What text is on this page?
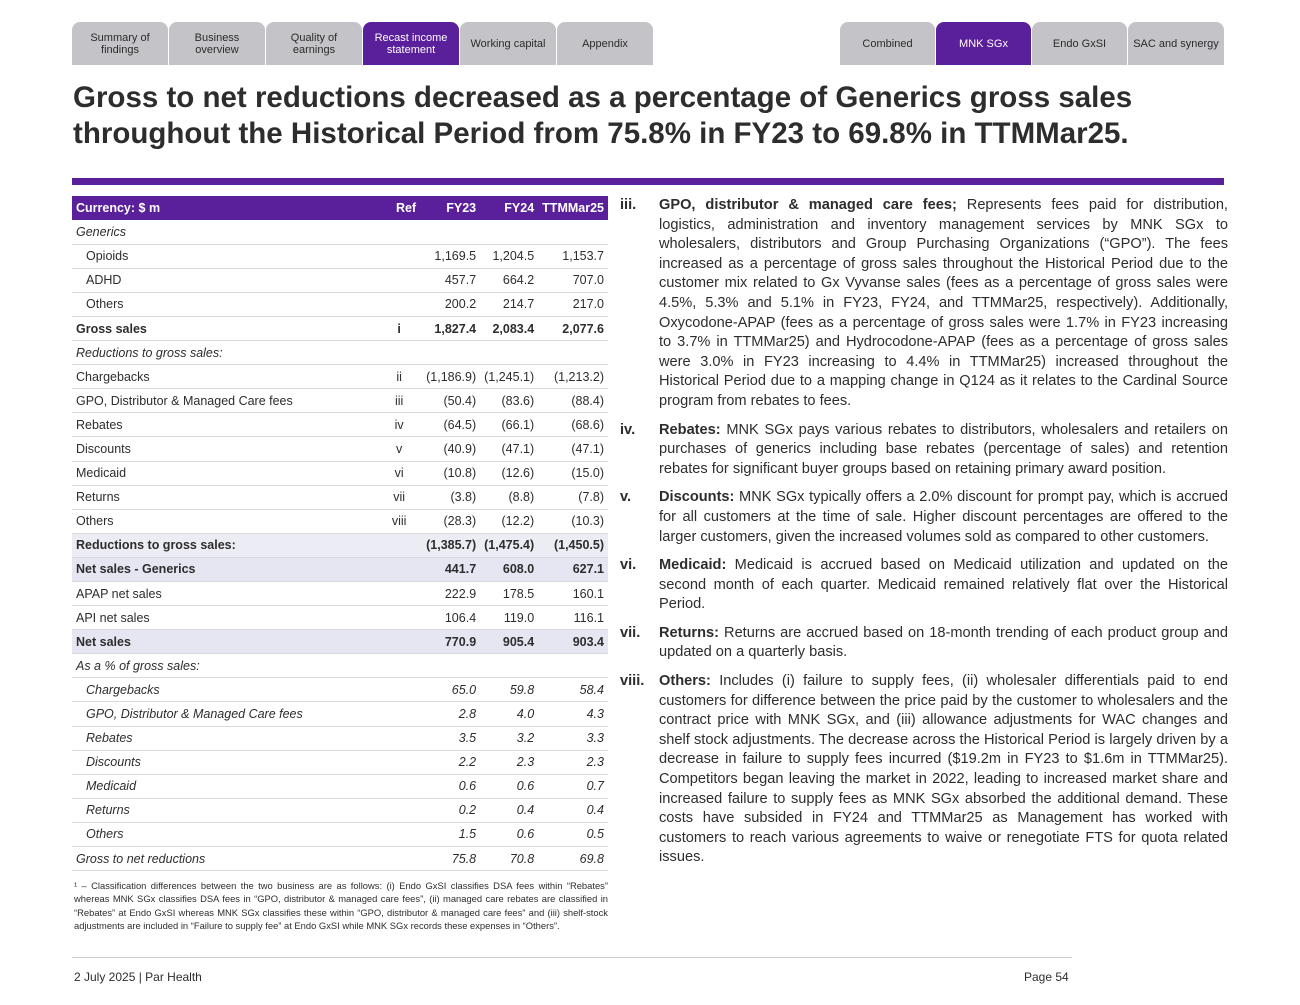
Summary of findings
Business overview
Quality of earnings
Recast income statement	Working capital	Appendix	Combined	MNK SGx	Endo GxSI	SAC and synergy
Gross to net reductions decreased as a percentage of Generics gross sales throughout the Historical Period from 75.8% in FY23 to 69.8% in TTMMar25.
Currency: $ m	Ref	FY23	FY24	TTMMar25
Generics				
Opioids		1,169.5	1,204.5	1,153.7
ADHD		457.7	664.2	707.0
Others		200.2	214.7	217.0
Gross sales	i	1,827.4	2,083.4	2,077.6
Reductions to gross sales:				
Chargebacks	ii	(1,186.9)	(1,245.1)	(1,213.2)
GPO, Distributor & Managed Care fees	iii	(50.4)	(83.6)	(88.4)
Rebates	iv	(64.5)	(66.1)	(68.6)
Discounts	v	(40.9)	(47.1)	(47.1)
Medicaid	vi	(10.8)	(12.6)	(15.0)
Returns	vii	(3.8)	(8.8)	(7.8)
Others	viii	(28.3)	(12.2)	(10.3)
Reductions to gross sales:		(1,385.7)	(1,475.4)	(1,450.5)
Net sales - Generics		441.7	608.0	627.1
APAP net sales		222.9	178.5	160.1
API net sales		106.4	119.0	116.1
Net sales		770.9	905.4	903.4
As a % of gross sales:				
Chargebacks		65.0	59.8	58.4
GPO, Distributor & Managed Care fees		2.8	4.0	4.3
Rebates		3.5	3.2	3.3
Discounts		2.2	2.3	2.3
Medicaid		0.6	0.6	0.7
Returns		0.2	0.4	0.4
Others		1.5	0.6	0.5
Gross to net reductions		75.8	70.8	69.8
¹ – Classification differences between the two business are as follows: (i) Endo GxSI classifies DSA fees within “Rebates” whereas MNK SGx classifies DSA fees in “GPO, distributor & managed care fees”, (ii) managed care rebates are classified in “Rebates” at Endo GxSI whereas MNK SGx classifies these within “GPO, distributor & managed care fees” and (iii) shelf-stock adjustments are included in “Failure to supply fee” at Endo GxSI while MNK SGx records these expenses in “Others”.
iii.	GPO, distributor & managed care fees; Represents fees paid for distribution, logistics, administration and inventory management services by MNK SGx to wholesalers, distributors and Group Purchasing Organizations (“GPO”). The fees increased as a percentage of gross sales throughout the Historical Period due to the customer mix related to Gx Vyvanse sales (fees as a percentage of gross sales were 4.5%, 5.3% and 5.1% in FY23, FY24, and TTMMar25, respectively). Additionally, Oxycodone-APAP (fees as a percentage of gross sales were 1.7% in FY23 increasing to 3.7% in TTMMar25) and Hydrocodone-APAP (fees as a percentage of gross sales were 3.0% in FY23 increasing to 4.4% in TTMMar25) increased throughout the Historical Period due to a mapping change in Q124 as it relates to the Cardinal Source program from rebates to fees.
iv.	Rebates: MNK SGx pays various rebates to distributors, wholesalers and retailers on purchases of generics including base rebates (percentage of sales) and retention rebates for significant buyer groups based on retaining primary award position.
v.	Discounts: MNK SGx typically offers a 2.0% discount for prompt pay, which is accrued for all customers at the time of sale. Higher discount percentages are offered to the larger customers, given the increased volumes sold as compared to other customers.
vi.	Medicaid: Medicaid is accrued based on Medicaid utilization and updated on the second month of each quarter. Medicaid remained relatively flat over the Historical Period.
vii.	Returns: Returns are accrued based on 18-month trending of each product group and updated on a quarterly basis.
viii.	Others: Includes (i) failure to supply fees, (ii) wholesaler differentials paid to end customers for difference between the price paid by the customer to wholesalers and the contract price with MNK SGx, and (iii) allowance adjustments for WAC changes and shelf stock adjustments. The decrease across the Historical Period is largely driven by a decrease in failure to supply fees incurred ($19.2m in FY23 to $1.6m in TTMMar25). Competitors began leaving the market in 2022, leading to increased market share and increased failure to supply fees as MNK SGx absorbed the additional demand. These costs have subsided in FY24 and TTMMar25 as Management has worked with customers to reach various agreements to waive or renegotiate FTS for quota related issues.
2 July 2025 | Par Health	Page 54
